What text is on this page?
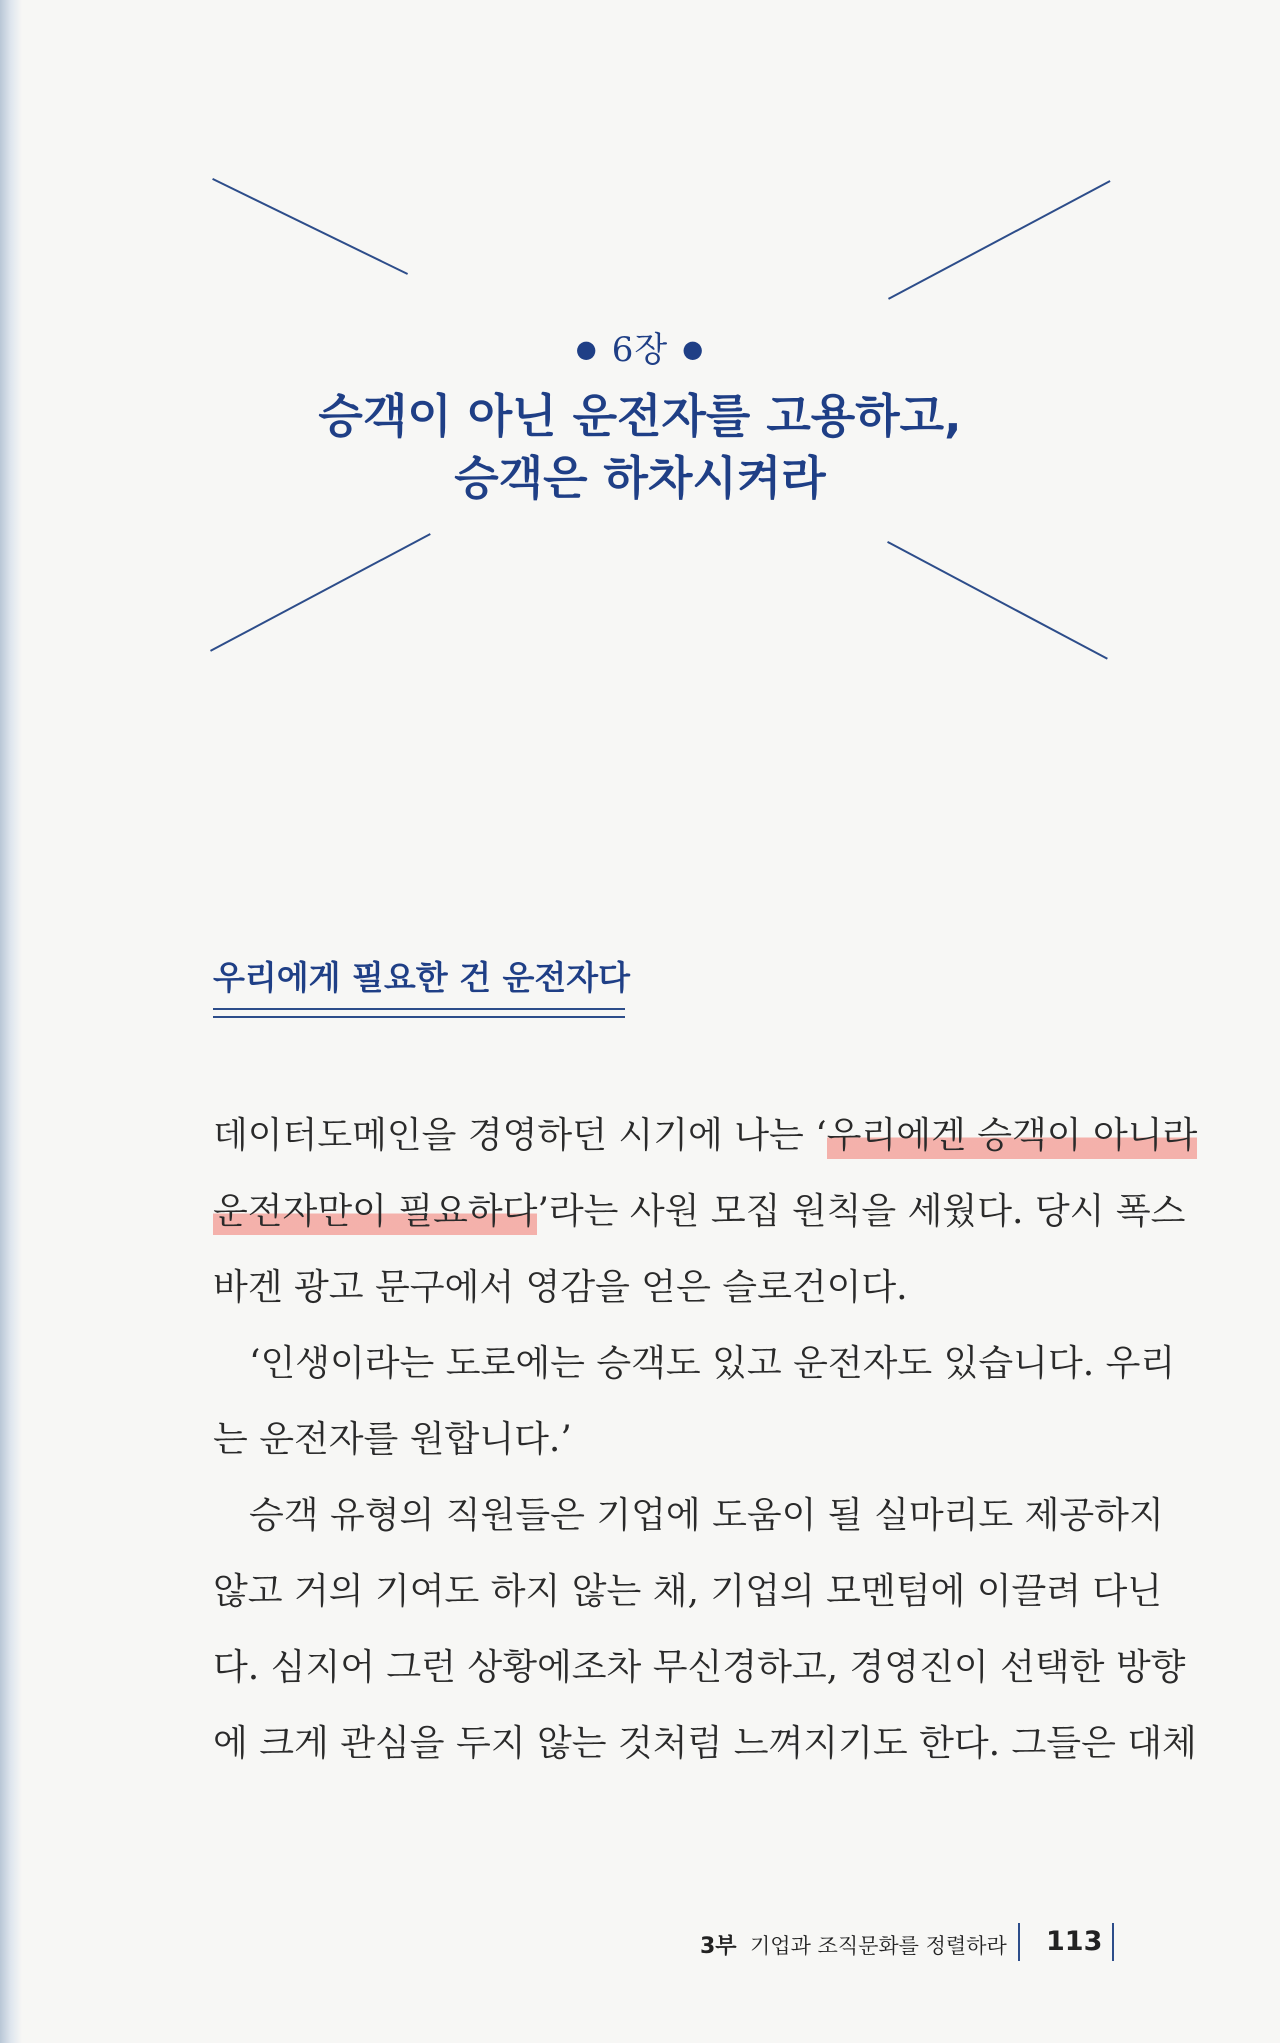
● 6장 ●
승객이 아닌 운전자를 고용하고,
승객은 하차시켜라
우리에게 필요한 건 운전자다
데이터도메인을 경영하던 시기에 나는 ‘ 우리에겐 승객이 아니라
운전자만이 필요하다 ’라는 사원 모집 원칙을 세웠다. 당시 폭스
바겐 광고 문구에서 영감을 얻은 슬로건이다.
‘인생이라는 도로에는 승객도 있고 운전자도 있습니다. 우리
는 운전자를 원합니다.’
승객 유형의 직원들은 기업에 도움이 될 실마리도 제공하지
않고 거의 기여도 하지 않는 채, 기업의 모멘텀에 이끌려 다닌
다. 심지어 그런 상황에조차 무신경하고, 경영진이 선택한 방향
에 크게 관심을 두지 않는 것처럼 느껴지기도 한다. 그들은 대체
3부 기업과 조직문화를 정렬하라 113
